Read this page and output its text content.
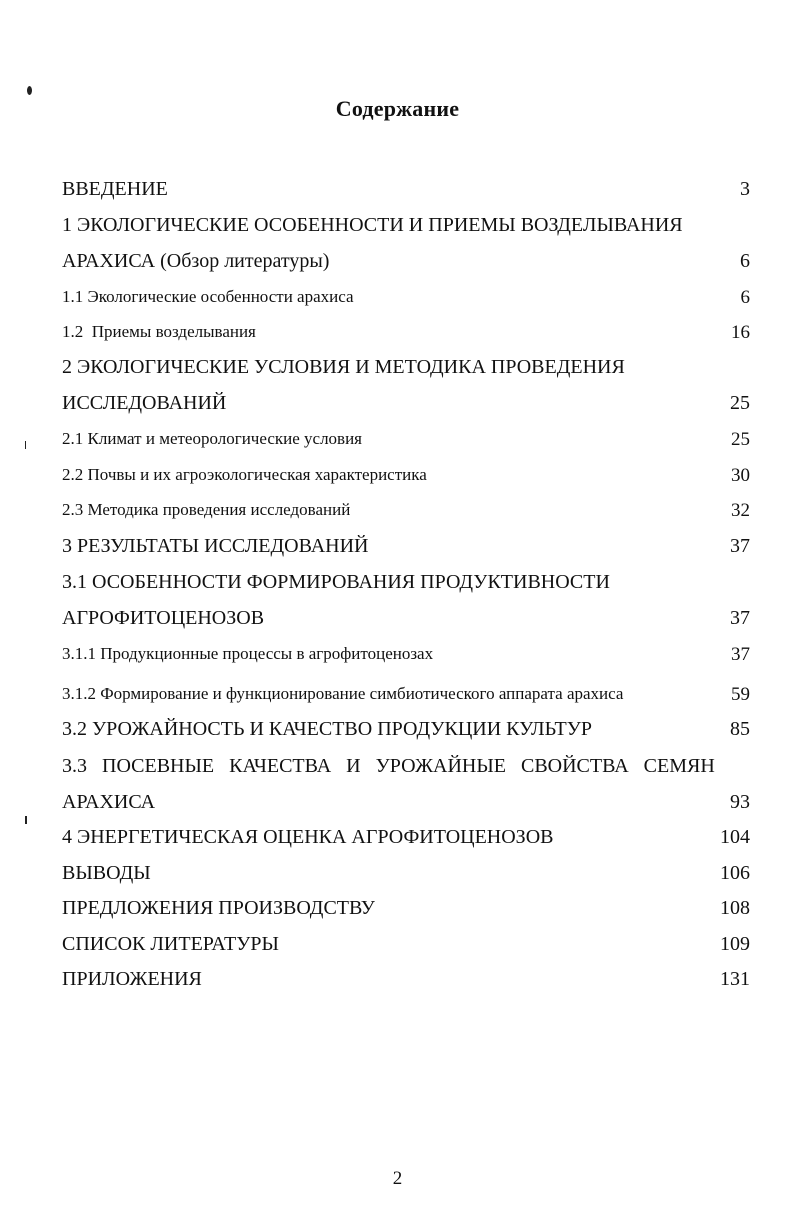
Содержание
ВВЕДЕНИЕ	3
1 ЭКОЛОГИЧЕСКИЕ ОСОБЕННОСТИ И ПРИЕМЫ ВОЗДЕЛЫВАНИЯ
АРАХИСА (Обзор литературы)	6
1.1 Экологические особенности арахиса	6
1.2  Приемы возделывания	16
2 ЭКОЛОГИЧЕСКИЕ УСЛОВИЯ И МЕТОДИКА ПРОВЕДЕНИЯ
ИССЛЕДОВАНИЙ	25
2.1 Климат и метеорологические условия	25
2.2 Почвы и их агроэкологическая характеристика	30
2.3 Методика проведения исследований	32
3 РЕЗУЛЬТАТЫ ИССЛЕДОВАНИЙ	37
3.1 ОСОБЕННОСТИ ФОРМИРОВАНИЯ ПРОДУКТИВНОСТИ
АГРОФИТОЦЕНОЗОВ	37
3.1.1 Продукционные процессы в агрофитоценозах	37
3.1.2 Формирование и функционирование симбиотического аппарата арахиса	59
3.2 УРОЖАЙНОСТЬ И КАЧЕСТВО ПРОДУКЦИИ КУЛЬТУР	85
3.3 ПОСЕВНЫЕ КАЧЕСТВА И УРОЖАЙНЫЕ СВОЙСТВА СЕМЯН
АРАХИСА	93
4 ЭНЕРГЕТИЧЕСКАЯ ОЦЕНКА АГРОФИТОЦЕНОЗОВ	104
ВЫВОДЫ	106
ПРЕДЛОЖЕНИЯ ПРОИЗВОДСТВУ	108
СПИСОК ЛИТЕРАТУРЫ	109
ПРИЛОЖЕНИЯ	131
2
